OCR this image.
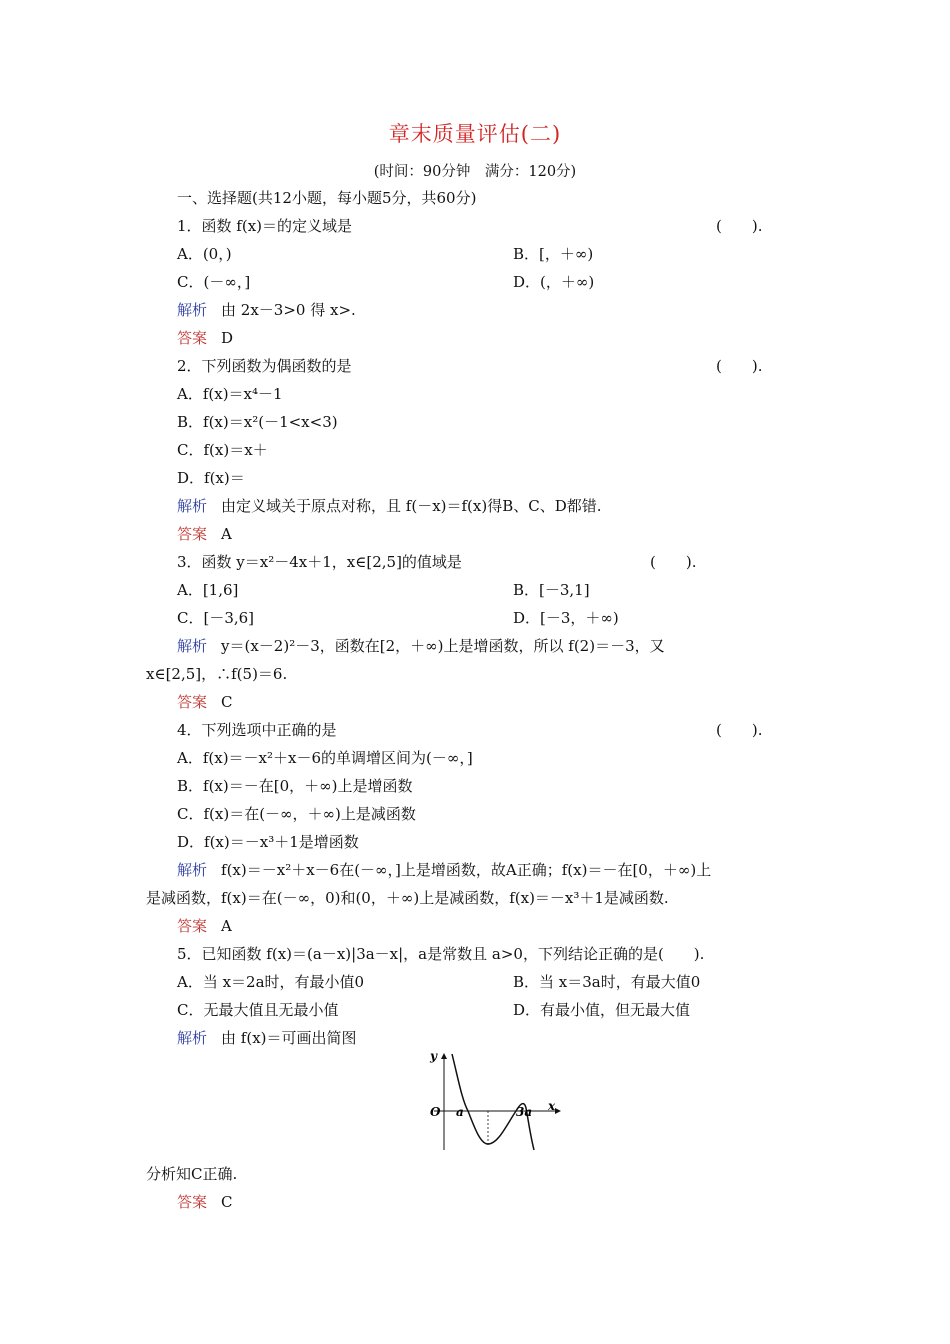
章末质量评估(二)
(时间：90分钟　满分：120分)
一、选择题(共12小题，每小题5分，共60分)
1．函数 f(x)＝的定义域是	(　　).
A．(0，)	B．[，＋∞)
C．(－∞，]	D．(，＋∞)
解析 由 2x－3>0 得 x>.
答案 D
2．下列函数为偶函数的是	(　　).
A．f(x)＝x⁴－1
B．f(x)＝x²(－1<x<3)
C．f(x)＝x＋
D．f(x)＝
解析 由定义域关于原点对称，且 f(－x)＝f(x)得B、C、D都错.
答案 A
3．函数 y＝x²－4x＋1，x∈[2,5]的值域是	(　　).
A．[1,6]	B．[－3,1]
C．[－3,6]	D．[－3，＋∞)
解析 y＝(x－2)²－3，函数在[2，＋∞)上是增函数，所以 f(2)＝－3，又
x∈[2,5]，∴f(5)＝6.
答案 C
4．下列选项中正确的是	(　　).
A．f(x)＝－x²＋x－6的单调增区间为(－∞，]
B．f(x)＝－在[0，＋∞)上是增函数
C．f(x)＝在(－∞，＋∞)上是减函数
D．f(x)＝－x³＋1是增函数
解析 f(x)＝－x²＋x－6在(－∞，]上是增函数，故A正确；f(x)＝－在[0，＋∞)上
是减函数，f(x)＝在(－∞，0)和(0，＋∞)上是减函数，f(x)＝－x³＋1是减函数.
答案 A
5．已知函数 f(x)＝(a－x)|3a－x|，a是常数且 a>0，下列结论正确的是(　　).
A．当 x＝2a时，有最小值0	B．当 x＝3a时，有最大值0
C．无最大值且无最小值	D．有最小值，但无最大值
解析 由 f(x)＝可画出简图
y
x
O a	3a
分析知C正确.
答案 C
